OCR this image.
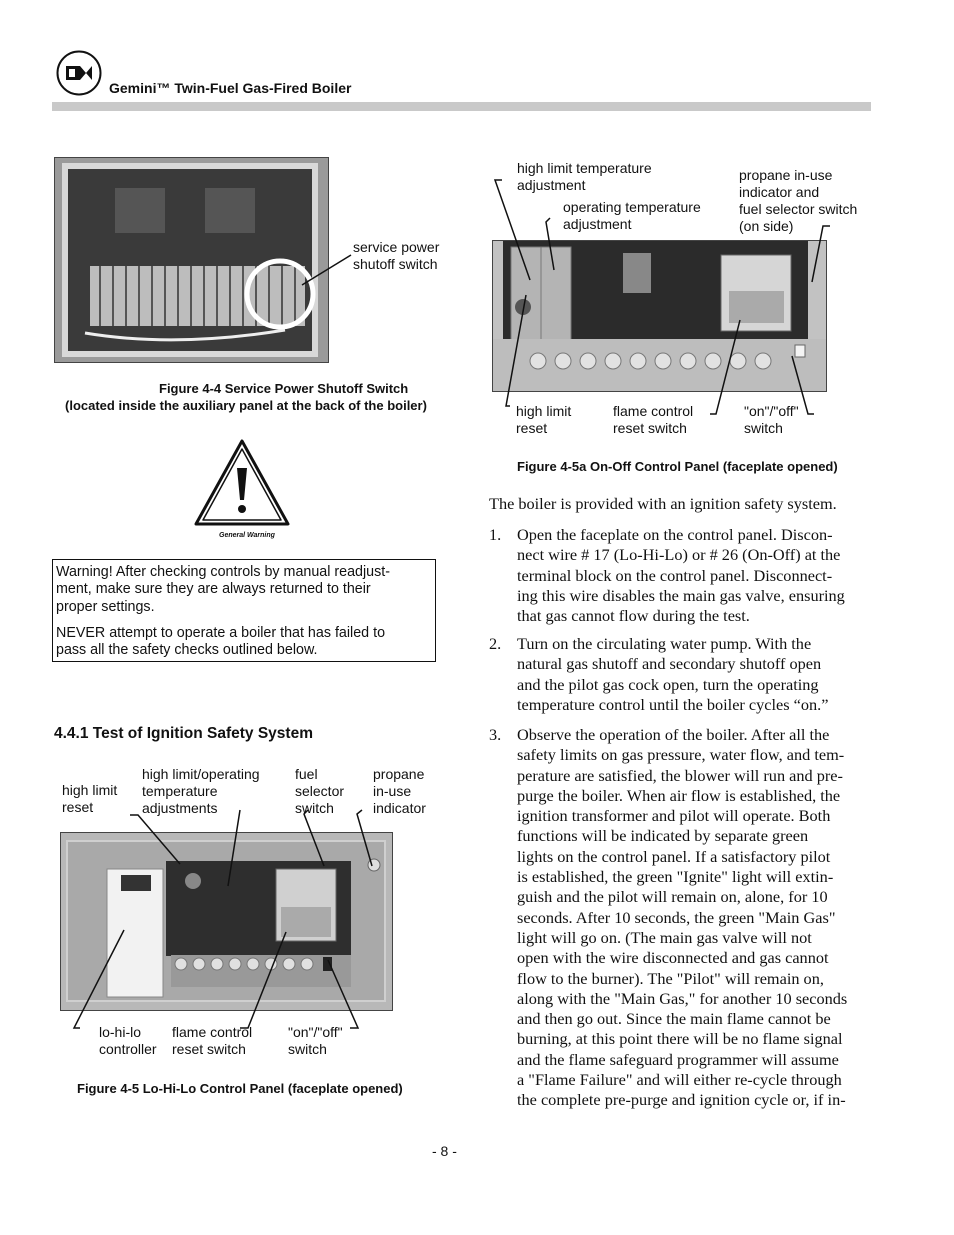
Gemini™ Twin-Fuel Gas-Fired Boiler
service power
shutoff switch
Figure 4-4 Service Power Shutoff Switch
(located inside the auxiliary panel at the back of the boiler)
General Warning
Warning! After checking controls by manual readjust-
ment, make sure they are always returned to their
proper settings.
NEVER attempt to operate a boiler that has failed to
pass all the safety checks outlined below.
4.4.1 Test of Ignition Safety System
high limit
reset
high limit/operating
temperature
adjustments
fuel
selector
switch
propane
in-use
indicator
lo-hi-lo
controller
flame control
reset switch
"on"/"off"
switch
Figure 4-5 Lo-Hi-Lo Control Panel (faceplate opened)
high limit temperature
adjustment
operating temperature
adjustment
propane in-use
indicator and
fuel selector switch
(on side)
high limit
reset
flame control
reset switch
"on"/"off"
switch
Figure 4-5a On-Off Control Panel (faceplate opened)
The boiler is provided with an ignition safety system.
1. Open the faceplate on the control panel. Discon-
nect wire # 17 (Lo-Hi-Lo) or # 26 (On-Off) at the
terminal block on the control panel. Disconnect-
ing this wire disables the main gas valve, ensuring
that gas cannot flow during the test.
2. Turn on the circulating water pump. With the
natural gas shutoff and secondary shutoff open
and the pilot gas cock open, turn the operating
temperature control until the boiler cycles “on.”
3. Observe the operation of the boiler. After all the
safety limits on gas pressure, water flow, and tem-
perature are satisfied, the blower will run and pre-
purge the boiler. When air flow is established, the
ignition transformer and pilot will operate. Both
functions will be indicated by separate green
lights on the control panel. If a satisfactory pilot
is established, the green "Ignite" light will extin-
guish and the pilot will remain on, alone, for 10
seconds. After 10 seconds, the green "Main Gas"
light will go on. (The main gas valve will not
open with the wire disconnected and gas cannot
flow to the burner). The "Pilot" will remain on,
along with the "Main Gas," for another 10 seconds
and then go out. Since the main flame cannot be
burning, at this point there will be no flame signal
and the flame safeguard programmer will assume
a "Flame Failure" and will either re-cycle through
the complete pre-purge and ignition cycle or, if in-
- 8 -
